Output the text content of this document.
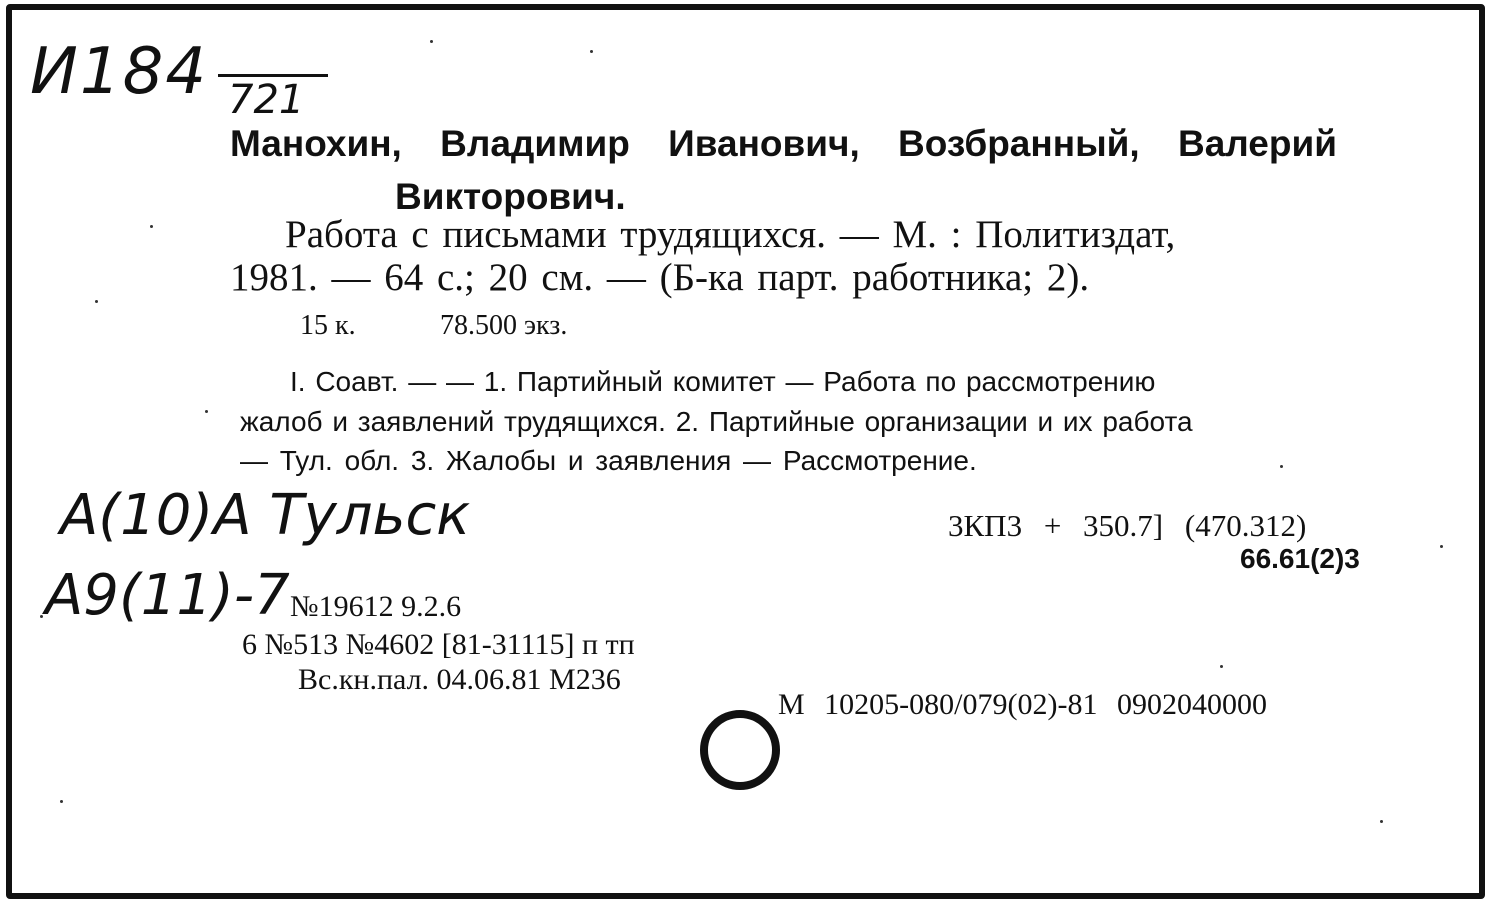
И184 721
Манохин, Владимир Иванович, Возбранный, Валерий
Викторович.
Работа с письмами трудящихся. — М. : Политиздат,
1981. — 64 с.; 20 см. — (Б-ка парт. работника; 2).
15 к.	78.500 экз.
I. Соавт. — — 1. Партийный комитет — Работа по рассмотрению
жалоб и заявлений трудящихся. 2. Партийные организации и их работа
— Тул. обл. 3. Жалобы и заявления — Рассмотрение.
А(10)А Тульск
А9(11)-7
3КП3 + 350.7] (470.312)
66.61(2)3
№19612 9.2.6
6 №513 №4602 [81-31115] п тп
Вс.кн.пал. 04.06.81 М236
М 10205-080/079(02)-81 0902040000
